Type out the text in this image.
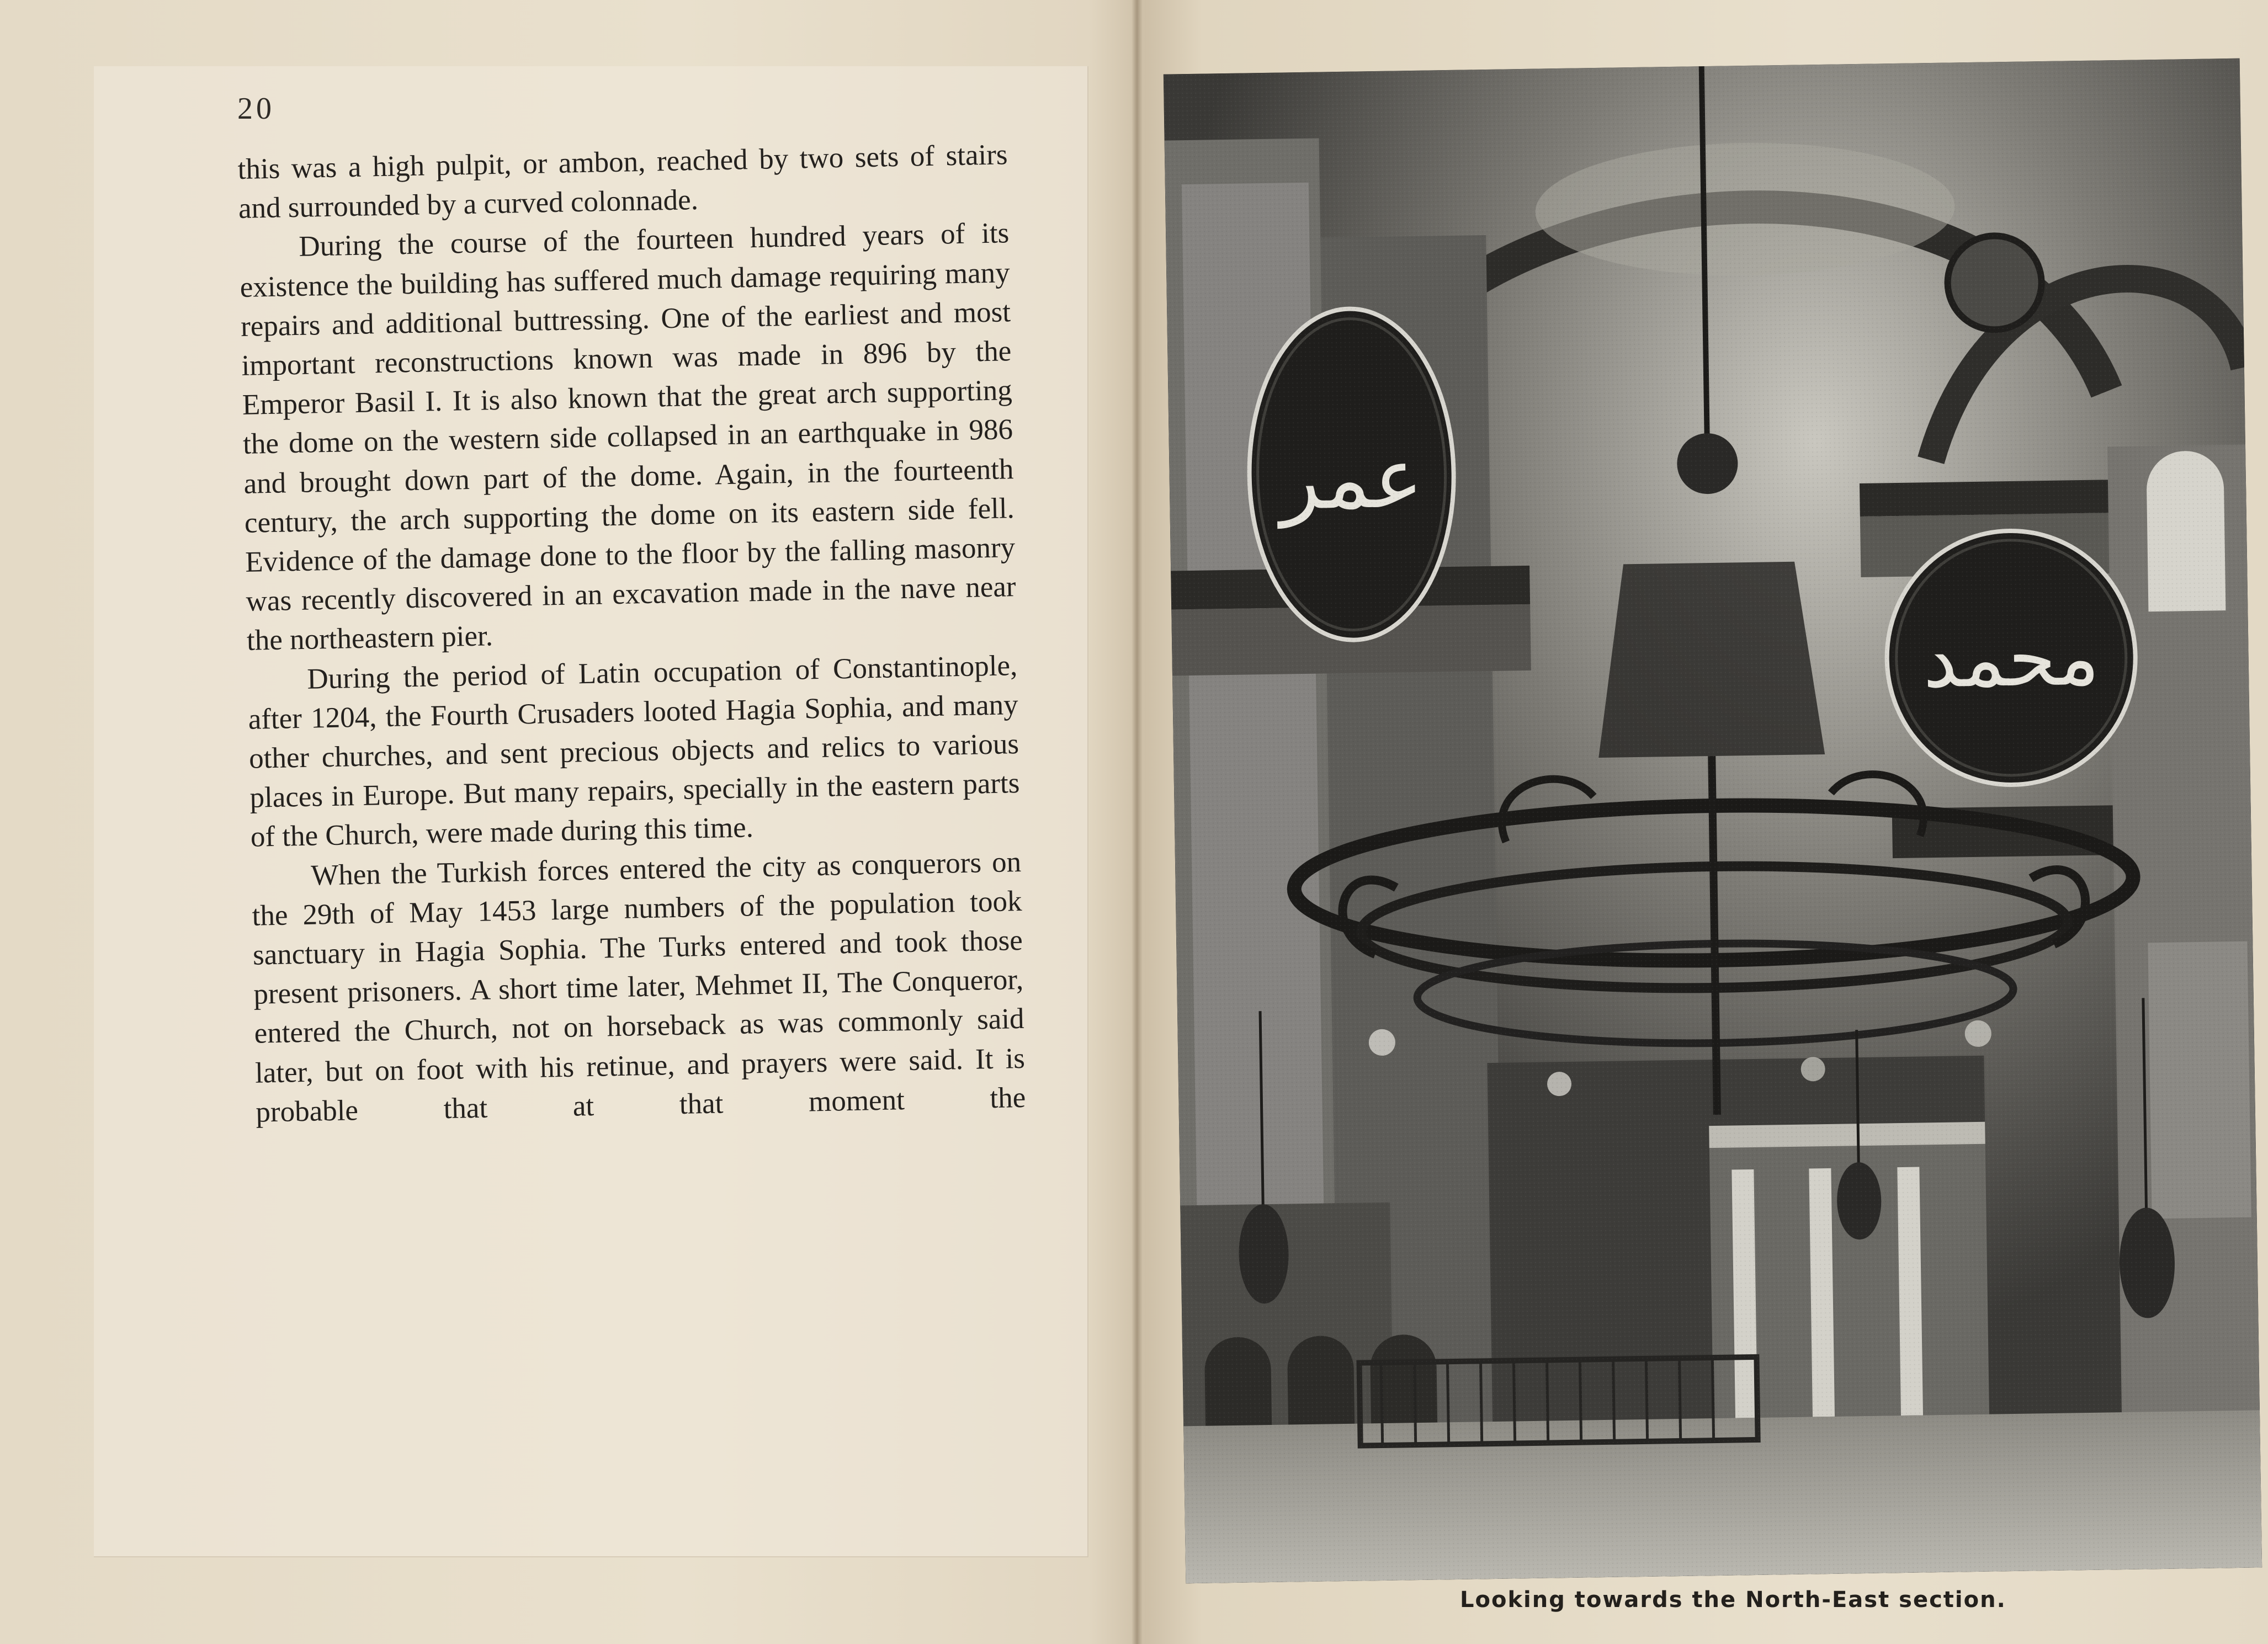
20

this was a high pulpit, or ambon, reached by two sets of stairs and surrounded by a curved colonnade.

During the course of the fourteen hundred years of its existence the building has suffered much damage requiring many repairs and additional buttressing. One of the earliest and most important reconstructions known was made in 896 by the Emperor Basil I. It is also known that the great arch supporting the dome on the western side collapsed in an earthquake in 986 and brought down part of the dome. Again, in the fourteenth century, the arch supporting the dome on its eastern side fell. Evidence of the damage done to the floor by the falling masonry was recently discovered in an excavation made in the nave near the northeastern pier.

During the period of Latin occupation of Constantinople, after 1204, the Fourth Crusaders looted Hagia Sophia, and many other churches, and sent precious objects and relics to various places in Europe. But many repairs, specially in the eastern parts of the Church, were made during this time.

When the Turkish forces entered the city as conquerors on the 29th of May 1453 large numbers of the population took sanctuary in Hagia Sophia. The Turks entered and took those present prisoners. A short time later, Mehmet II, The Conqueror, entered the Church, not on horseback as was commonly said later, but on foot with his retinue, and prayers were said. It is probable that at that moment the

Looking towards the North-East section.
